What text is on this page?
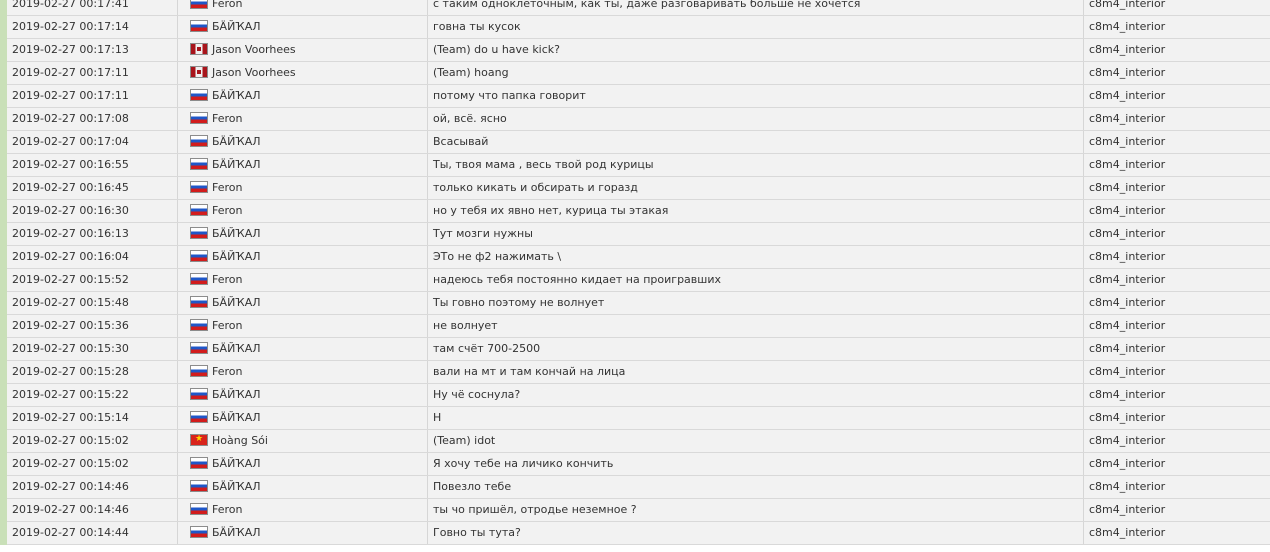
2019-02-27 00:17:41	Feron	с таким одноклеточным, как ты, даже разговаривать больше не хочется	c8m4_interior
2019-02-27 00:17:14	БÄЙҠАЛ	говна ты кусок	c8m4_interior
2019-02-27 00:17:13	Jason Voorhees	(Team) do u have kick?	c8m4_interior
2019-02-27 00:17:11	Jason Voorhees	(Team) hoang	c8m4_interior
2019-02-27 00:17:11	БÄЙҠАЛ	потому что папка говорит	c8m4_interior
2019-02-27 00:17:08	Feron	ой, всё. ясно	c8m4_interior
2019-02-27 00:17:04	БÄЙҠАЛ	Всасывай	c8m4_interior
2019-02-27 00:16:55	БÄЙҠАЛ	Ты, твоя мама , весь твой род курицы	c8m4_interior
2019-02-27 00:16:45	Feron	только кикать и обсирать и горазд	c8m4_interior
2019-02-27 00:16:30	Feron	но у тебя их явно нет, курица ты этакая	c8m4_interior
2019-02-27 00:16:13	БÄЙҠАЛ	Тут мозги нужны	c8m4_interior
2019-02-27 00:16:04	БÄЙҠАЛ	ЭТо не ф2 нажимать \	c8m4_interior
2019-02-27 00:15:52	Feron	надеюсь тебя постоянно кидает на проигравших	c8m4_interior
2019-02-27 00:15:48	БÄЙҠАЛ	Ты говно поэтому не волнует	c8m4_interior
2019-02-27 00:15:36	Feron	не волнует	c8m4_interior
2019-02-27 00:15:30	БÄЙҠАЛ	там счёт 700-2500	c8m4_interior
2019-02-27 00:15:28	Feron	вали на мт и там кончай на лица	c8m4_interior
2019-02-27 00:15:22	БÄЙҠАЛ	Ну чё соснула?	c8m4_interior
2019-02-27 00:15:14	БÄЙҠАЛ	Н	c8m4_interior
2019-02-27 00:15:02	★Hoàng Sói	(Team) idot	c8m4_interior
2019-02-27 00:15:02	БÄЙҠАЛ	Я хочу тебе на личико кончить	c8m4_interior
2019-02-27 00:14:46	БÄЙҠАЛ	Повезло тебе	c8m4_interior
2019-02-27 00:14:46	Feron	ты чо пришёл, отродье неземное ?	c8m4_interior
2019-02-27 00:14:44	БÄЙҠАЛ	Говно ты тута?	c8m4_interior
